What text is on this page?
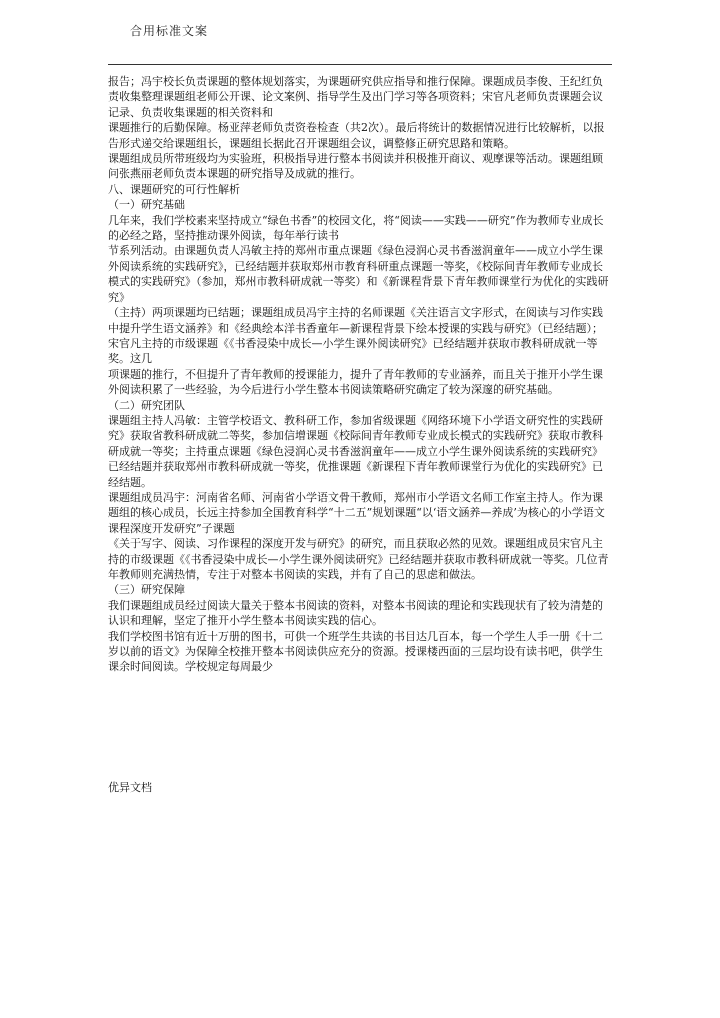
合用标准文案

报告；冯宇校长负责课题的整体规划落实，为课题研究供应指导和推行保障。课题成员李俊、王纪红负责收集整理课题组老师公开课、论文案例、指导学生及出门学习等各项资料；宋官凡老师负责课题会议记录、负责收集课题的相关资料和

课题推行的后勤保障。杨亚萍老师负责资卷检查（共2次）。最后将统计的数据情况进行比较解析，以报告形式递交给课题组长，课题组长据此召开课题组会议，调整修正研究思路和策略。

课题组成员所带班级均为实验班，积极指导进行整本书阅读并积极推开商议、观摩课等活动。课题组顾问张燕丽老师负责本课题的研究指导及成就的推行。

八、课题研究的可行性解析

（一）研究基础

几年来，我们学校素来坚持成立“绿色书香”的校园文化，将“阅读——实践——研究”作为教师专业成长的必经之路，坚持推动课外阅读，每年举行读书

节系列活动。由课题负责人冯敏主持的郑州市重点课题《绿色浸润心灵书香滋润童年——成立小学生课外阅读系统的实践研究》，已经结题并获取郑州市教育科研重点课题一等奖，《校际间青年教师专业成长模式的实践研究》（参加，郑州市教科研成就一等奖）和《新课程背景下青年教师课堂行为优化的实践研究》

（主持）两项课题均已结题；课题组成员冯宇主持的名师课题《关注语言文字形式，在阅读与习作实践中提升学生语文涵养》和《经典绘本洋书香童年—新课程背景下绘本授课的实践与研究》（已经结题）；宋官凡主持的市级课题《《书香浸染中成长—小学生课外阅读研究》已经结题并获取市教科研成就一等奖。这几

项课题的推行，不但提升了青年教师的授课能力，提升了青年教师的专业涵养，而且关于推开小学生课外阅读积累了一些经验，为今后进行小学生整本书阅读策略研究确定了较为深邃的研究基础。

（二）研究团队

课题组主持人冯敏：主管学校语文、教科研工作，参加省级课题《网络环境下小学语文研究性的实践研究》获取省教科研成就二等奖，参加信增课题《校际间青年教师专业成长模式的实践研究》获取市教科研成就一等奖；主持重点课题《绿色浸润心灵书香滋润童年——成立小学生课外阅读系统的实践研究》已经结题并获取郑州市教科研成就一等奖，优推课题《新课程下青年教师课堂行为优化的实践研究》已经结题。

课题组成员冯宇：河南省名师、河南省小学语文骨干教师，郑州市小学语文名师工作室主持人。作为课题组的核心成员，长远主持参加全国教育科学“十二五”规划课题“以‘语文涵养—养成’为核心的小学语文课程深度开发研究”子课题

《关于写字、阅读、习作课程的深度开发与研究》的研究，而且获取必然的见效。课题组成员宋官凡主持的市级课题《《书香浸染中成长—小学生课外阅读研究》已经结题并获取市教科研成就一等奖。几位青年教师则充满热情，专注于对整本书阅读的实践，并有了自己的思虑和做法。

（三）研究保障

我们课题组成员经过阅读大量关于整本书阅读的资料，对整本书阅读的理论和实践现状有了较为清楚的认识和理解，坚定了推开小学生整本书阅读实践的信心。

我们学校图书馆有近十万册的图书，可供一个班学生共读的书目达几百本，每一个学生人手一册《十二岁以前的语文》为保障全校推开整本书阅读供应充分的资源。授课楼西面的三层均设有读书吧，供学生课余时间阅读。学校规定每周最少

优异文档
